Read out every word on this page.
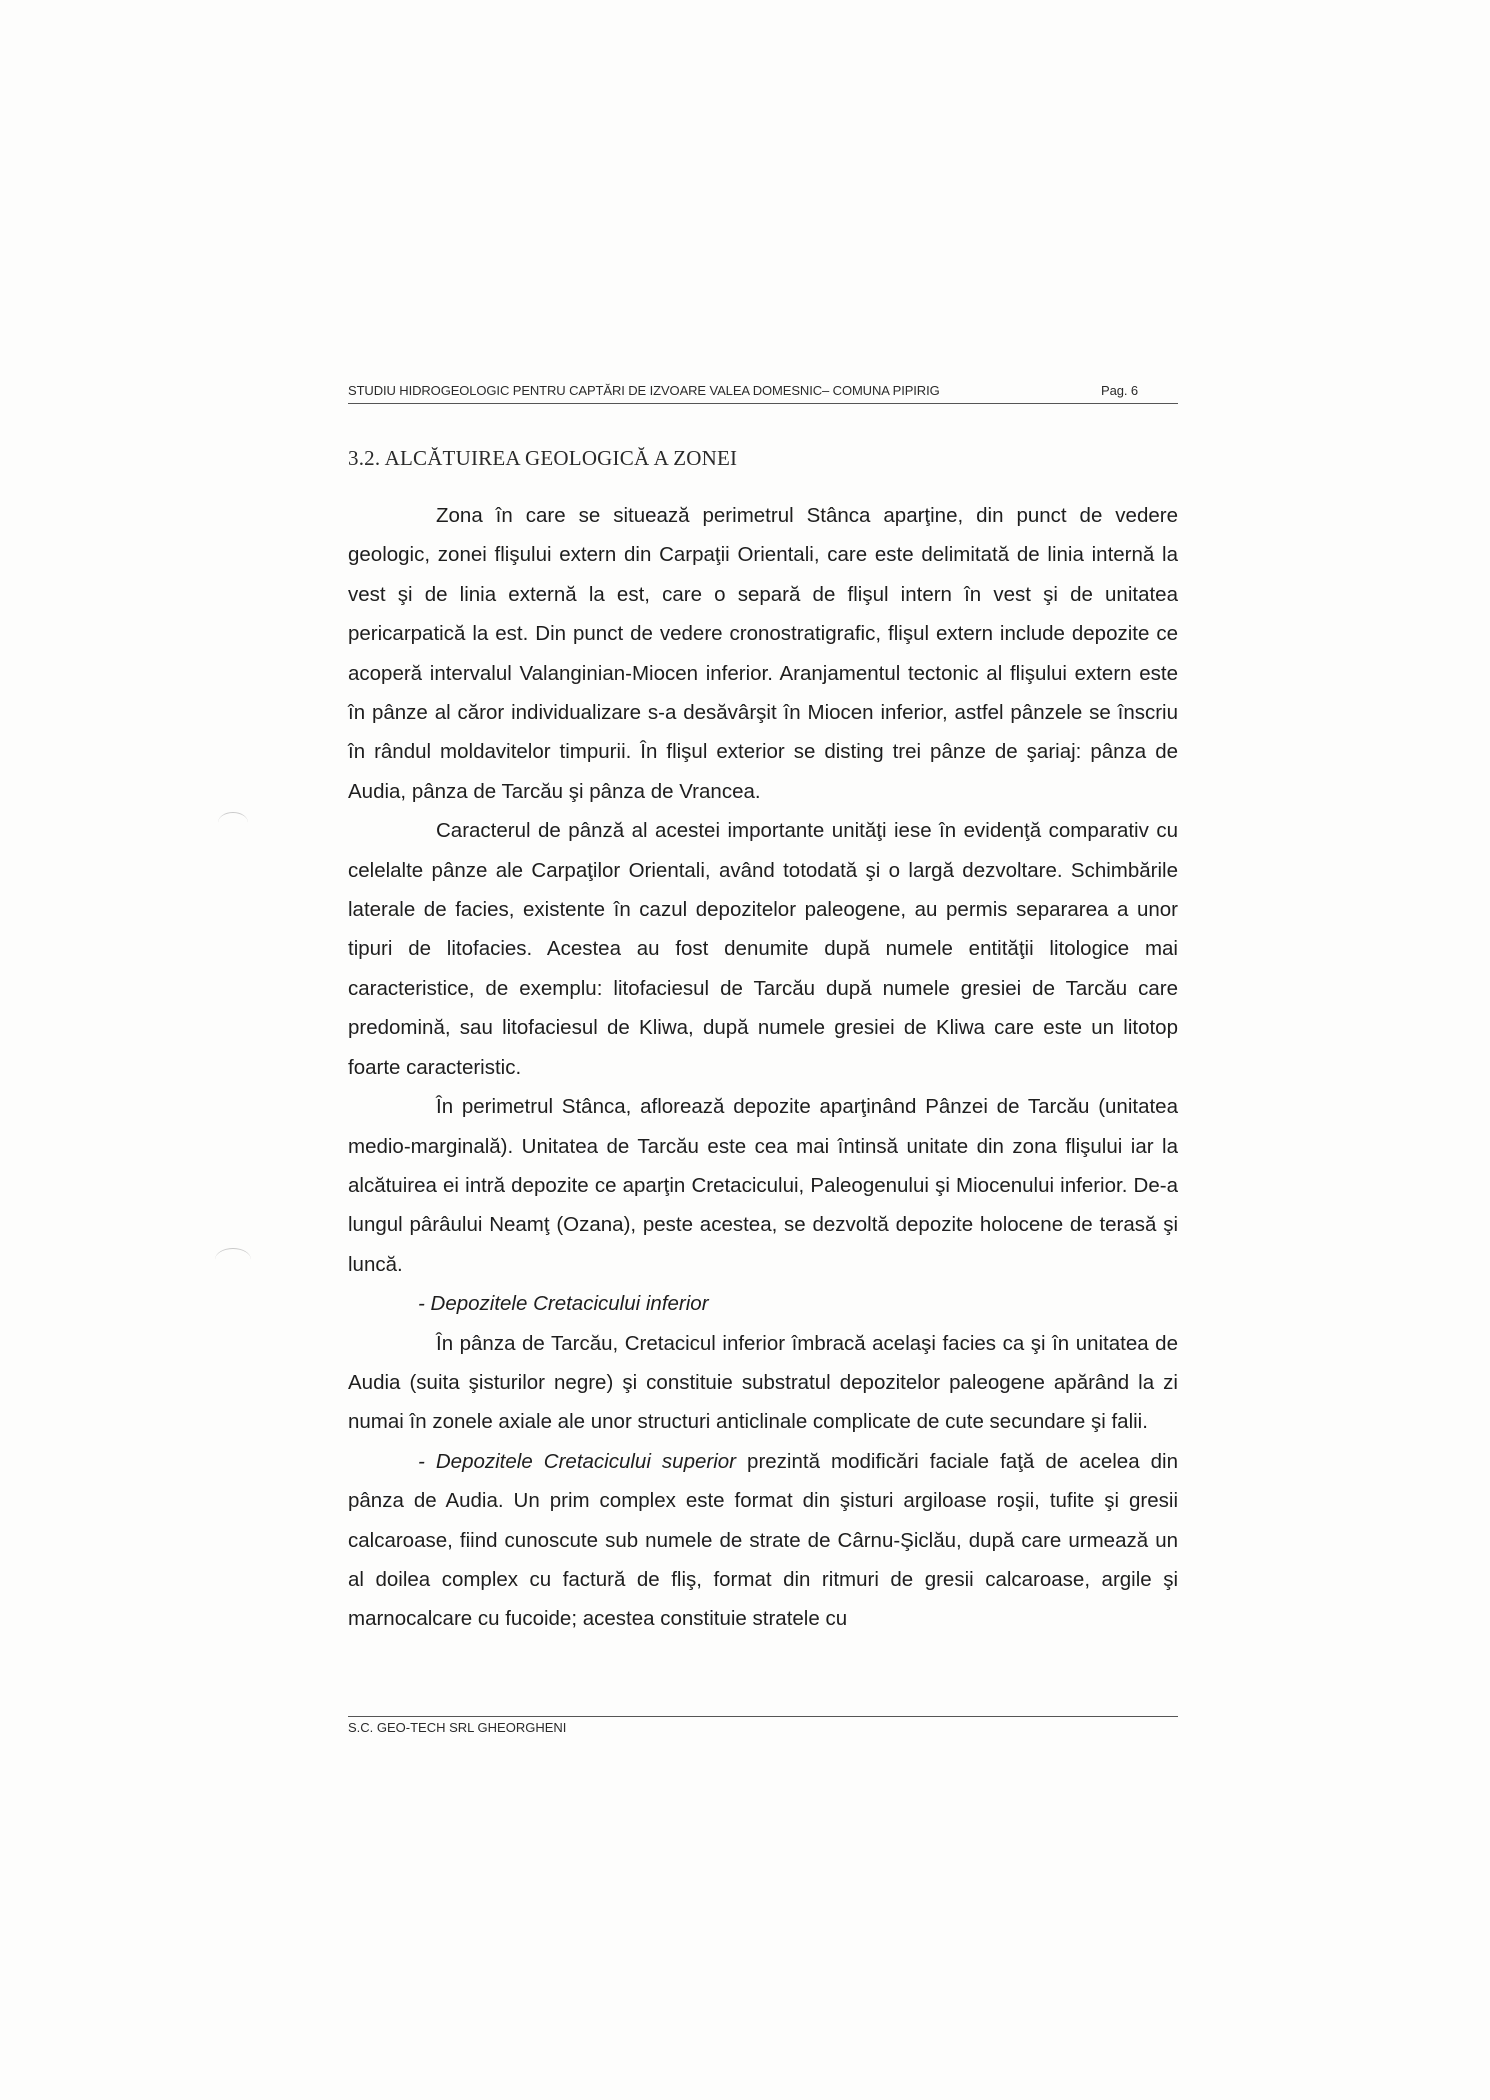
STUDIU HIDROGEOLOGIC PENTRU CAPTĂRI DE IZVOARE VALEA DOMESNIC– COMUNA PIPIRIG	Pag. 6
3.2. ALCĂTUIREA GEOLOGICĂ A ZONEI

Zona în care se situează perimetrul Stânca aparţine, din punct de vedere geologic, zonei flişului extern din Carpaţii Orientali, care este delimitată de linia internă la vest şi de linia externă la est, care o separă de flişul intern în vest şi de unitatea pericarpatică la est. Din punct de vedere cronostratigrafic, flişul extern include depozite ce acoperă intervalul Valanginian-Miocen inferior. Aranjamentul tectonic al flişului extern este în pânze al căror individualizare s-a desăvârşit în Miocen inferior, astfel pânzele se înscriu în rândul moldavitelor timpurii. În flişul exterior se disting trei pânze de şariaj: pânza de Audia, pânza de Tarcău şi pânza de Vrancea.

Caracterul de pânză al acestei importante unităţi iese în evidenţă comparativ cu celelalte pânze ale Carpaţilor Orientali, având totodată şi o largă dezvoltare. Schimbările laterale de facies, existente în cazul depozitelor paleogene, au permis separarea a unor tipuri de litofacies. Acestea au fost denumite după numele entităţii litologice mai caracteristice, de exemplu: litofaciesul de Tarcău după numele gresiei de Tarcău care predomină, sau litofaciesul de Kliwa, după numele gresiei de Kliwa care este un litotop foarte caracteristic.

În perimetrul Stânca, aflorează depozite aparţinând Pânzei de Tarcău (unitatea medio-marginală). Unitatea de Tarcău este cea mai întinsă unitate din zona flişului iar la alcătuirea ei intră depozite ce aparţin Cretacicului, Paleogenului şi Miocenului inferior. De-a lungul pârâului Neamţ (Ozana), peste acestea, se dezvoltă depozite holocene de terasă şi luncă.

- Depozitele Cretacicului inferior

În pânza de Tarcău, Cretacicul inferior îmbracă acelaşi facies ca şi în unitatea de Audia (suita şisturilor negre) şi constituie substratul depozitelor paleogene apărând la zi numai în zonele axiale ale unor structuri anticlinale complicate de cute secundare şi falii.

- Depozitele Cretacicului superior prezintă modificări faciale faţă de acelea din pânza de Audia. Un prim complex este format din şisturi argiloase roşii, tufite şi gresii calcaroase, fiind cunoscute sub numele de strate de Cârnu-Şiclău, după care urmează un al doilea complex cu factură de fliş, format din ritmuri de gresii calcaroase, argile şi marnocalcare cu fucoide; acestea constituie stratele cu

S.C. GEO-TECH SRL GHEORGHENI
